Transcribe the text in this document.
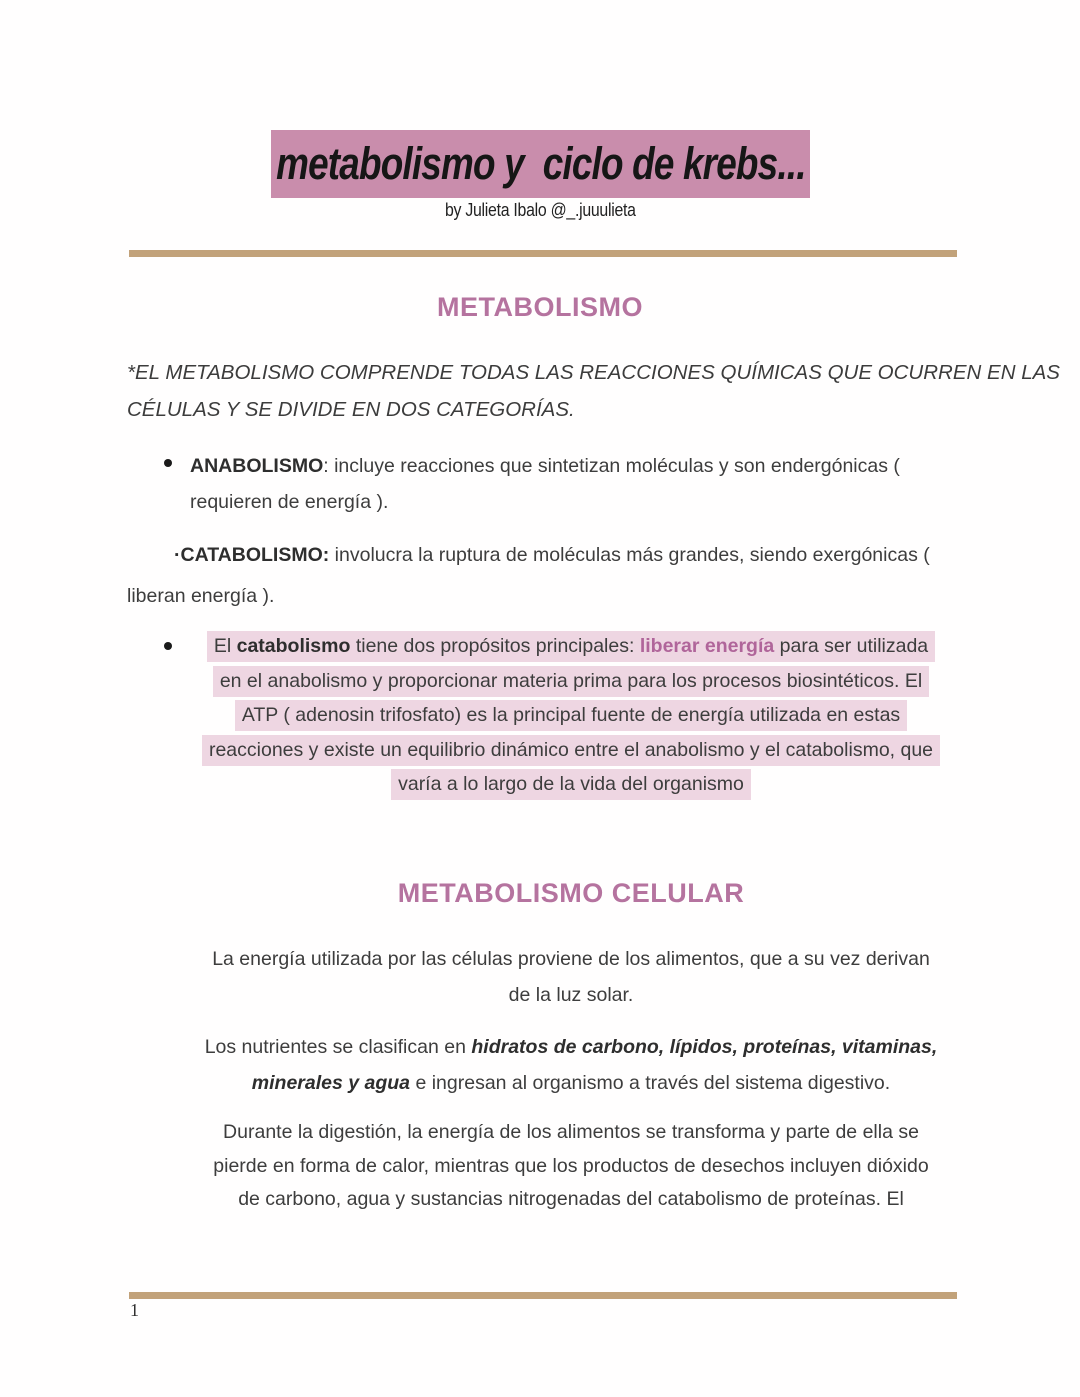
metabolismo y  ciclo de krebs...
by Julieta Ibalo @_.juuulieta
METABOLISMO
*EL METABOLISMO COMPRENDE TODAS LAS REACCIONES QUÍMICAS QUE OCURREN EN LAS
CÉLULAS Y SE DIVIDE EN DOS CATEGORÍAS.
ANABOLISMO: incluye reacciones que sintetizan moléculas y son endergónicas (
requieren de energía ).
·CATABOLISMO: involucra la ruptura de moléculas más grandes, siendo exergónicas (
liberan energía ).
El catabolismo tiene dos propósitos principales: liberar energía para ser utilizada
en el anabolismo y proporcionar materia prima para los procesos biosintéticos. El
ATP ( adenosin trifosfato) es la principal fuente de energía utilizada en estas
reacciones y existe un equilibrio dinámico entre el anabolismo y el catabolismo, que
varía a lo largo de la vida del organismo
METABOLISMO CELULAR
La energía utilizada por las células proviene de los alimentos, que a su vez derivan
de la luz solar.
Los nutrientes se clasifican en hidratos de carbono, lípidos, proteínas, vitaminas,
minerales y agua e ingresan al organismo a través del sistema digestivo.
Durante la digestión, la energía de los alimentos se transforma y parte de ella se
pierde en forma de calor, mientras que los productos de desechos incluyen dióxido
de carbono, agua y sustancias nitrogenadas del catabolismo de proteínas. El
1
